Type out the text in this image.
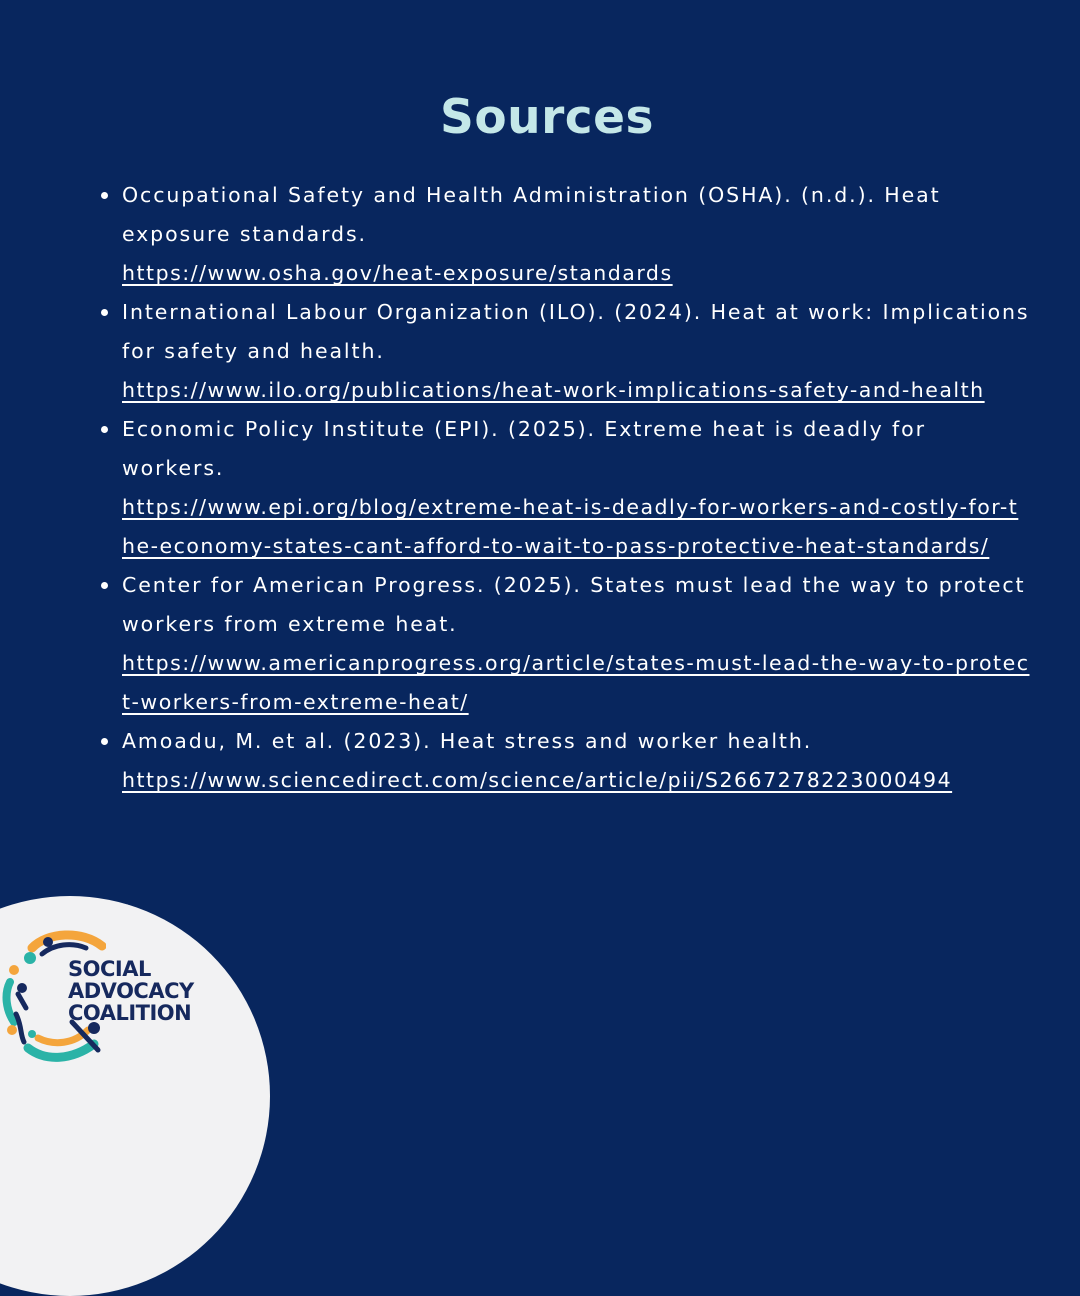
Sources
Occupational Safety and Health Administration (OSHA). (n.d.). Heat exposure standards.
https://www.osha.gov/heat-exposure/standards
International Labour Organization (ILO). (2024). Heat at work: Implications for safety and health.
https://www.ilo.org/publications/heat-work-implications-safety-and-health
Economic Policy Institute (EPI). (2025). Extreme heat is deadly for workers.
https://www.epi.org/blog/extreme-heat-is-deadly-for-workers-and-costly-for-the-economy-states-cant-afford-to-wait-to-pass-protective-heat-standards/
Center for American Progress. (2025). States must lead the way to protect workers from extreme heat.
https://www.americanprogress.org/article/states-must-lead-the-way-to-protect-workers-from-extreme-heat/
Amoadu, M. et al. (2023). Heat stress and worker health.
https://www.sciencedirect.com/science/article/pii/S2667278223000494
SOCIAL
ADVOCACY
COALITION
